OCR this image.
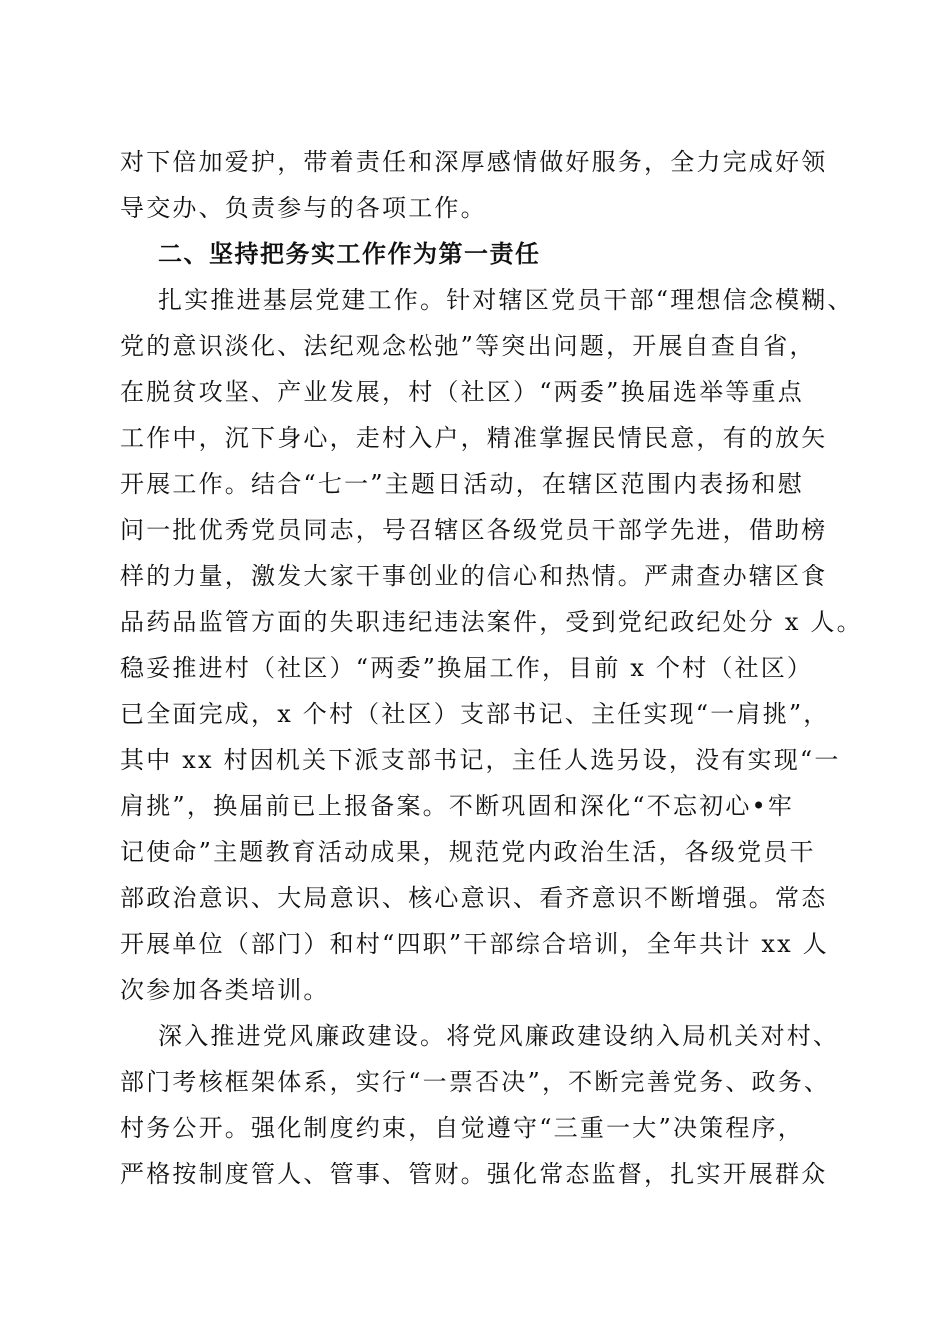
对下倍加爱护，带着责任和深厚感情做好服务，全力完成好领
导交办、负责参与的各项工作。
二、坚持把务实工作作为第一责任
扎实推进基层党建工作。针对辖区党员干部“理想信念模糊、
党的意识淡化、法纪观念松弛”等突出问题，开展自查自省，
在脱贫攻坚、产业发展，村（社区）“两委”换届选举等重点
工作中，沉下身心，走村入户，精准掌握民情民意，有的放矢
开展工作。结合“七一”主题日活动，在辖区范围内表扬和慰
问一批优秀党员同志，号召辖区各级党员干部学先进，借助榜
样的力量，激发大家干事创业的信心和热情。严肃查办辖区食
品药品监管方面的失职违纪违法案件，受到党纪政纪处分 x 人。
稳妥推进村（社区）“两委”换届工作，目前 x 个村（社区）
已全面完成，x 个村（社区）支部书记、主任实现“一肩挑”，
其中 xx 村因机关下派支部书记，主任人选另设，没有实现“一
肩挑”，换届前已上报备案。不断巩固和深化“不忘初心•牢
记使命”主题教育活动成果，规范党内政治生活，各级党员干
部政治意识、大局意识、核心意识、看齐意识不断增强。常态
开展单位（部门）和村“四职”干部综合培训，全年共计 xx 人
次参加各类培训。
深入推进党风廉政建设。将党风廉政建设纳入局机关对村、
部门考核框架体系，实行“一票否决”，不断完善党务、政务、
村务公开。强化制度约束，自觉遵守“三重一大”决策程序，
严格按制度管人、管事、管财。强化常态监督，扎实开展群众
